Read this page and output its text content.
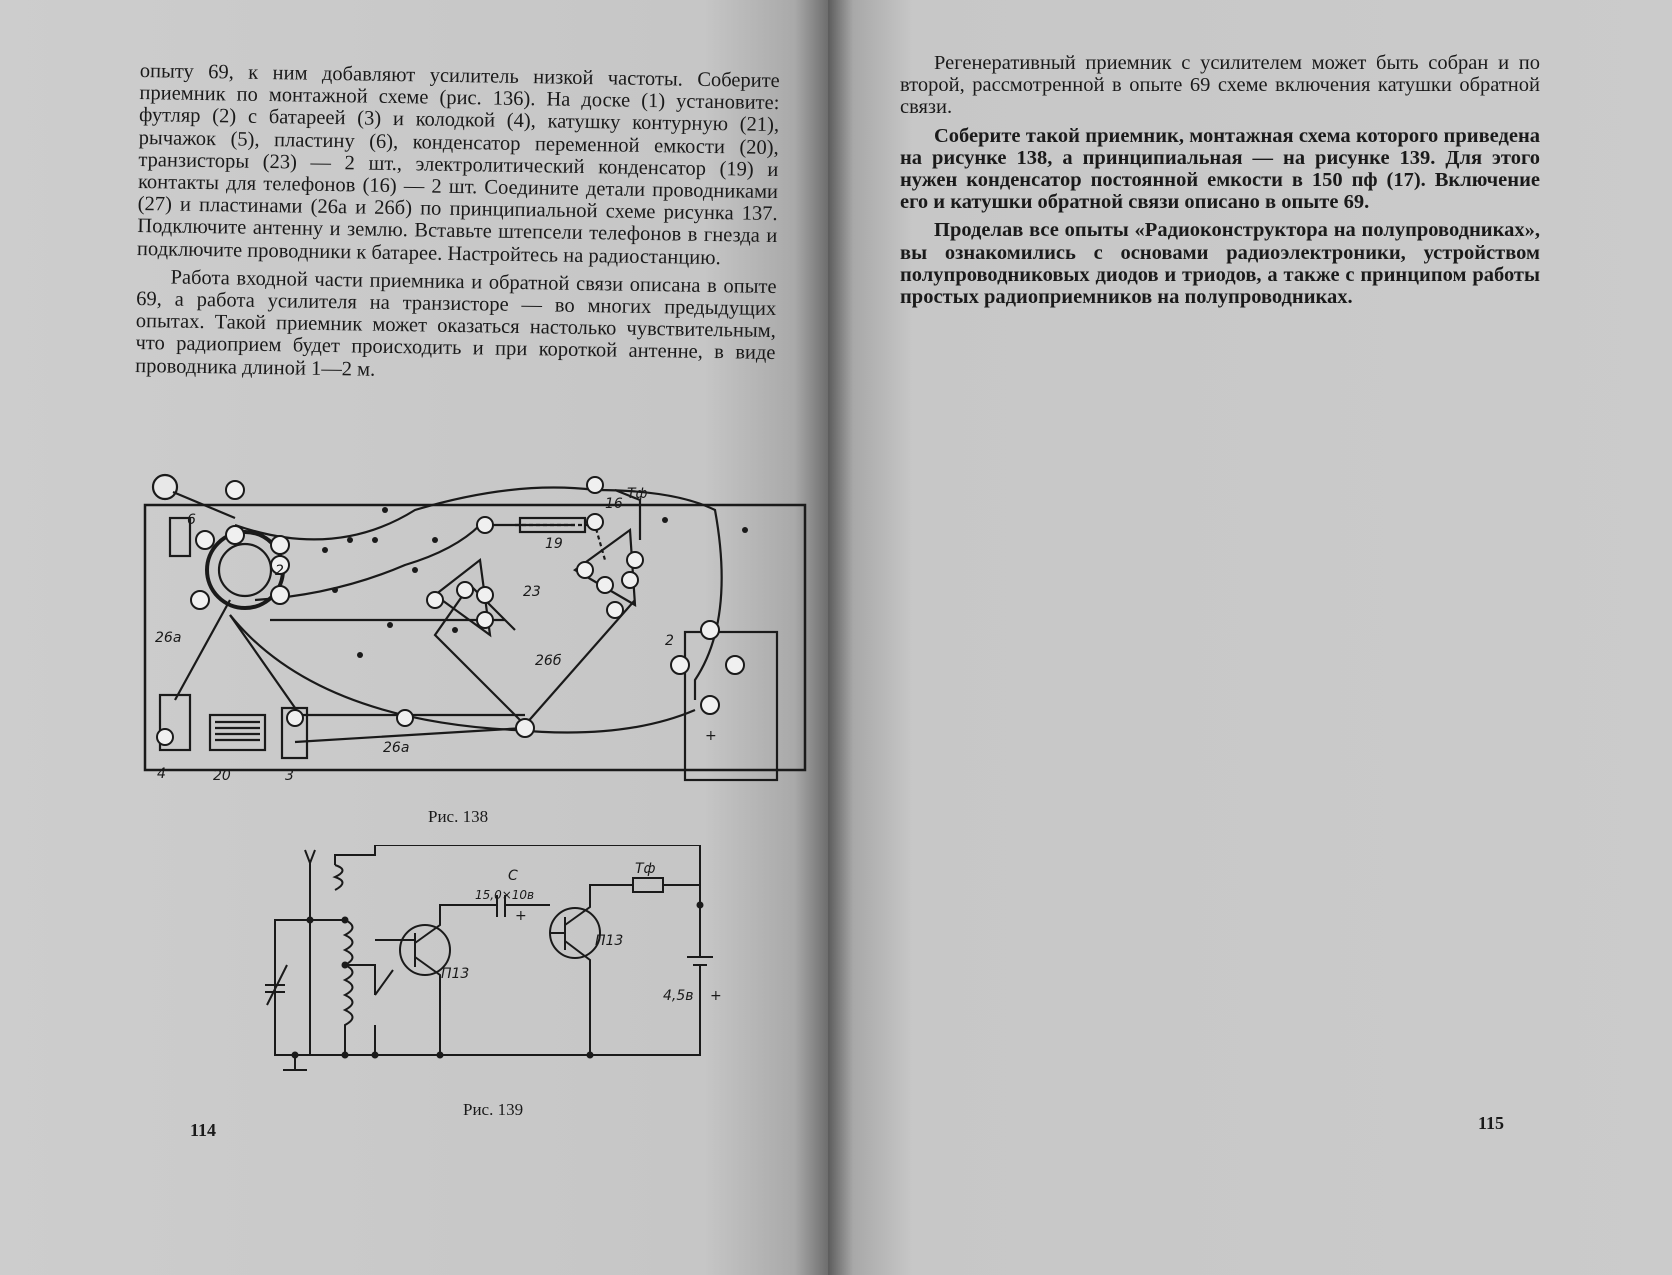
опыту 69, к ним добавляют усилитель низкой частоты. Соберите приемник по монтажной схеме (рис. 136). На доске (1) установите: футляр (2) с батареей (3) и колодкой (4), катушку контурную (21), рычажок (5), пластину (6), конденсатор переменной емкости (20), транзисторы (23) — 2 шт., электролитический конденсатор (19) и контакты для телефонов (16) — 2 шт. Соедините детали проводниками (27) и пластинами (26а и 26б) по принципиальной схеме рисунка 137. Подключите антенну и землю. Вставьте штепсели телефонов в гнезда и подключите проводники к батарее. Настройтесь на радиостанцию.

Работа входной части приемника и обратной связи описана в опыте 69, а работа усилителя на транзисторе — во многих предыдущих опытах. Такой приемник может оказаться настолько чувствительным, что радиоприем будет происходить и при короткой антенне, в виде проводника длиной 1—2 м.

6
2
19
16
Тф
23
26б
26а
26а
20	3
4
2
+
Рис. 138
С
15,0×10в
+
Тф
П13
П13
4,5в +
Рис. 139
114

Регенеративный приемник с усилителем может быть собран и по второй, рассмотренной в опыте 69 схеме включения катушки обратной связи.

Соберите такой приемник, монтажная схема которого приведена на рисунке 138, а принципиальная — на рисунке 139. Для этого нужен конденсатор постоянной емкости в 150 пф (17). Включение его и катушки обратной связи описано в опыте 69.

Проделав все опыты «Радиоконструктора на полупроводниках», вы ознакомились с основами радиоэлектроники, устройством полупроводниковых диодов и триодов, а также с принципом работы простых радиоприемников на полупроводниках.

115
